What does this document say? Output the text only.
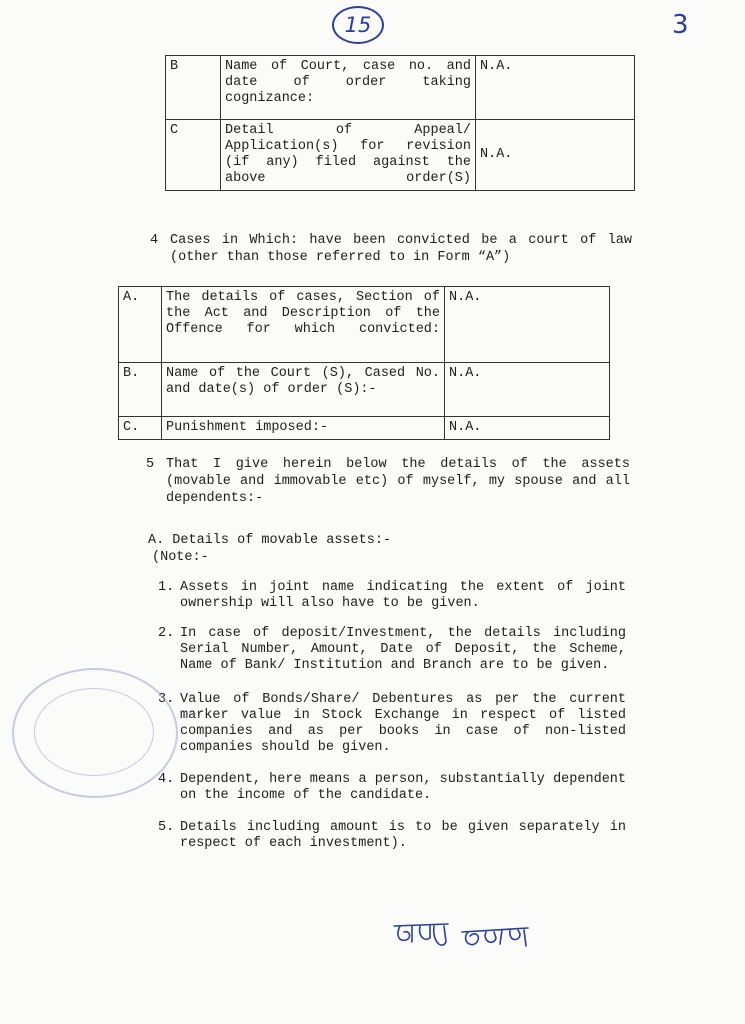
15	3
B	Name of Court, case no. and date of order taking cognizance:	N.A.
C	Detail of Appeal/ Application(s) for revision (if any) filed against the above order(S)	N.A.
4 Cases in Which: have been convicted be a court of law (other than those referred to in Form “A”)
A.	The details of cases, Section of the Act and Description of the Offence for which convicted:	N.A.
B.	Name of the Court (S), Cased No. and date(s) of order (S):-	N.A.
C.	Punishment imposed:-	N.A.
5 That I give herein below the details of the assets (movable and immovable etc) of myself, my spouse and all dependents:-
A. Details of movable assets:-
(Note:-
1. Assets in joint name indicating the extent of joint ownership will also have to be given.
2. In case of deposit/Investment, the details including Serial Number, Amount, Date of Deposit, the Scheme, Name of Bank/ Institution and Branch are to be given.
3. Value of Bonds/Share/ Debentures as per the current marker value in Stock Exchange in respect of listed companies and as per books in case of non-listed companies should be given.
4. Dependent, here means a person, substantially dependent on the income of the candidate.
5. Details including amount is to be given separately in respect of each investment).
